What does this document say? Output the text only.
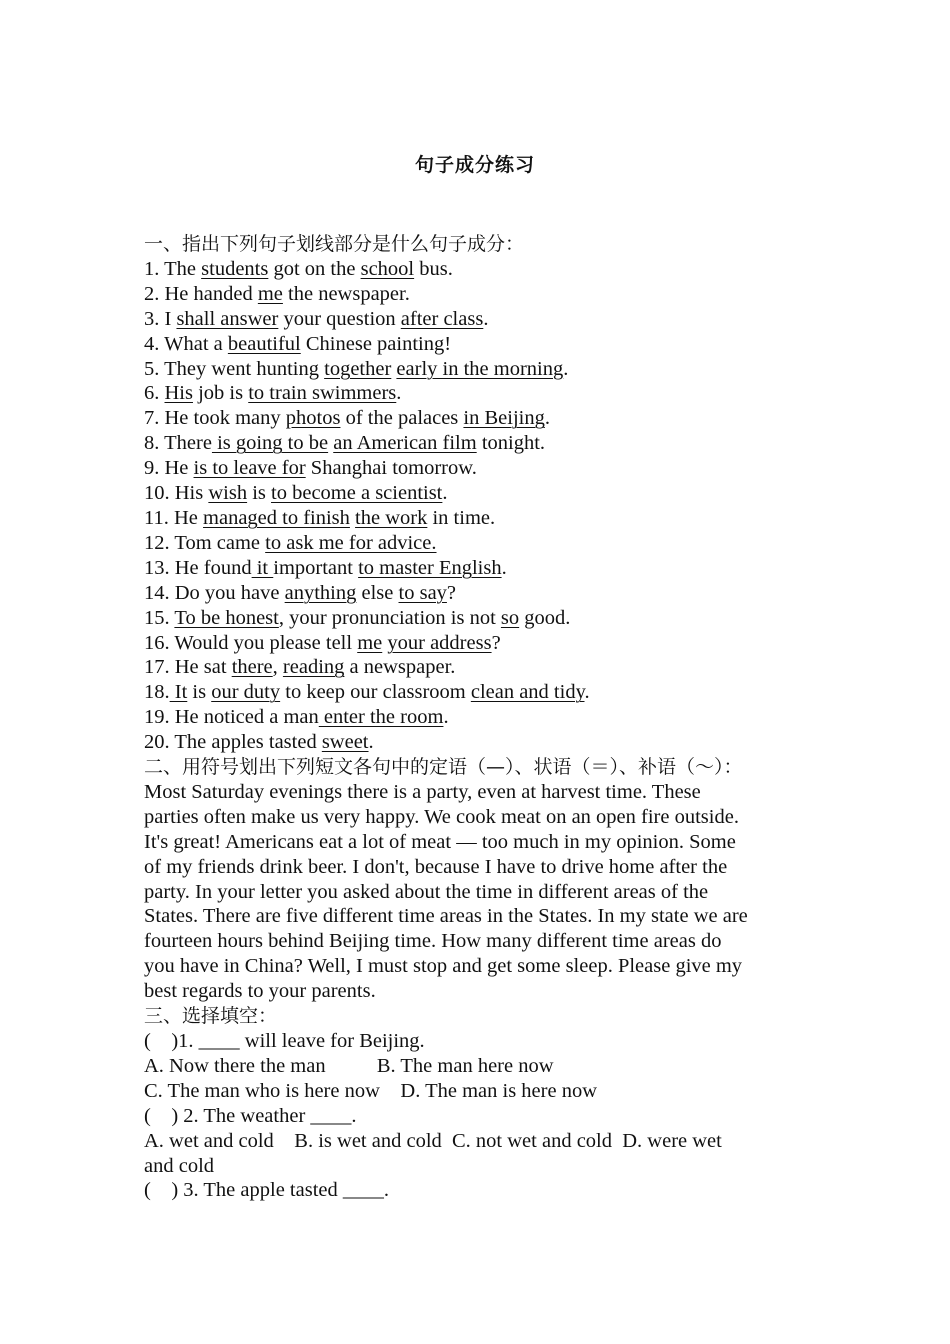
句子成分练习
一、指出下列句子划线部分是什么句子成分：
1. The students got on the school bus.
2. He handed me the newspaper.
3. I shall answer your question after class.
4. What a beautiful Chinese painting!
5. They went hunting together early in the morning.
6. His job is to train swimmers.
7. He took many photos of the palaces in Beijing.
8. There is going to be an American film tonight.
9. He is to leave for Shanghai tomorrow.
10. His wish is to become a scientist.
11. He managed to finish the work in time.
12. Tom came to ask me for advice.
13. He found it important to master English.
14. Do you have anything else to say?
15. To be honest, your pronunciation is not so good.
16. Would you please tell me your address?
17. He sat there, reading a newspaper.
18. It is our duty to keep our classroom clean and tidy.
19. He noticed a man enter the room.
20. The apples tasted sweet.
二、用符号划出下列短文各句中的定语（—）、状语（＝）、补语（～）：
Most Saturday evenings there is a party, even at harvest time. These
parties often make us very happy. We cook meat on an open fire outside.
It's great! Americans eat a lot of meat — too much in my opinion. Some
of my friends drink beer. I don't, because I have to drive home after the
party. In your letter you asked about the time in different areas of the
States. There are five different time areas in the States. In my state we are
fourteen hours behind Beijing time. How many different time areas do
you have in China? Well, I must stop and get some sleep. Please give my
best regards to your parents.
三、选择填空：
(    )1. ____ will leave for Beijing.
A. Now there the man          B. The man here now
C. The man who is here now    D. The man is here now
(    ) 2. The weather ____.
A. wet and cold    B. is wet and cold  C. not wet and cold  D. were wet
and cold
(    ) 3. The apple tasted ____.
